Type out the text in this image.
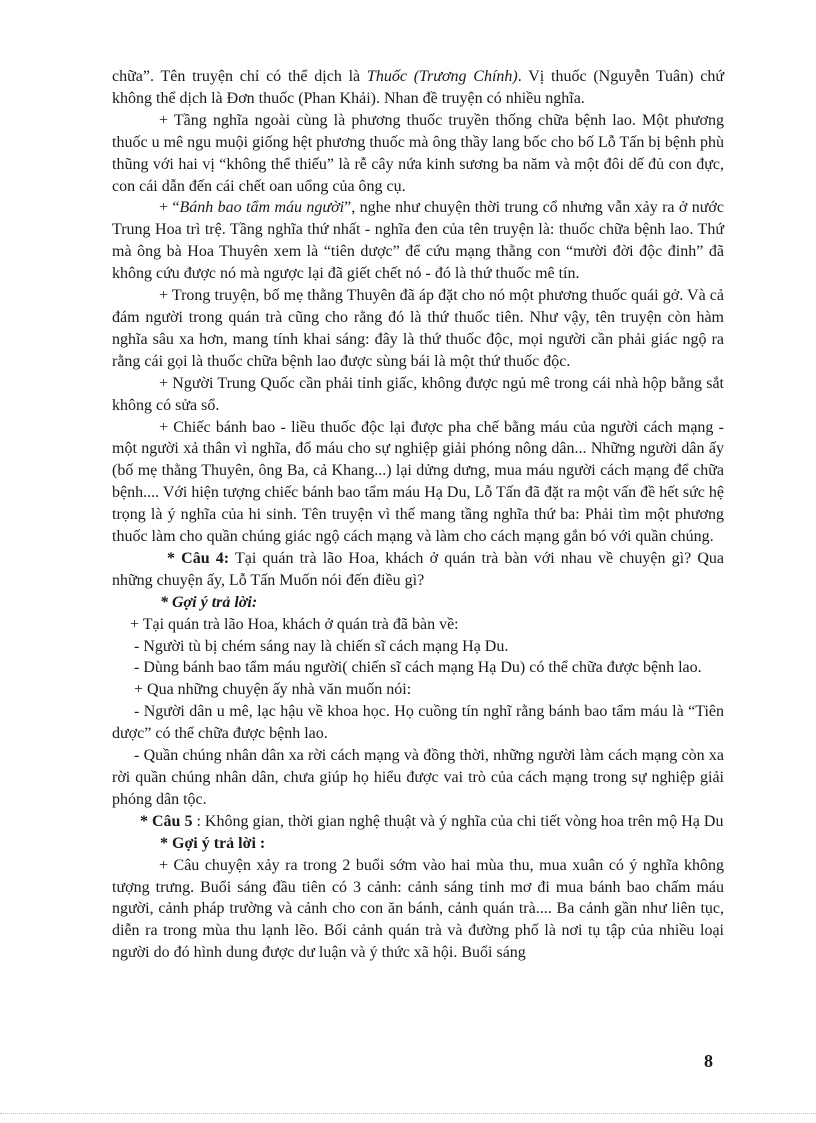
chữa”. Tên truyện chỉ có thể dịch là Thuốc (Trương Chính). Vị thuốc (Nguyễn Tuân) chứ không thể dịch là Đơn thuốc (Phan Khải). Nhan đề truyện có nhiều nghĩa.

+ Tầng nghĩa ngoài cùng là phương thuốc truyền thống chữa bệnh lao. Một phương thuốc u mê ngu muội giống hệt phương thuốc mà ông thầy lang bốc cho bố Lỗ Tấn bị bệnh phù thũng với hai vị “không thể thiếu” là rễ cây nứa kinh sương ba năm và một đôi dế đủ con đực, con cái dẫn đến cái chết oan uổng của ông cụ.

+ “Bánh bao tẩm máu người”, nghe như chuyện thời trung cổ nhưng vẫn xảy ra ở nước Trung Hoa trì trệ. Tầng nghĩa thứ nhất - nghĩa đen của tên truyện là: thuốc chữa bệnh lao. Thứ mà ông bà Hoa Thuyên xem là “tiên dược” để cứu mạng thằng con “mười đời độc đinh” đã không cứu được nó mà ngược lại đã giết chết nó - đó là thứ thuốc mê tín.

+ Trong truyện, bố mẹ thằng Thuyên đã áp đặt cho nó một phương thuốc quái gở. Và cả đám người trong quán trà cũng cho rằng đó là thứ thuốc tiên. Như vậy, tên truyện còn hàm nghĩa sâu xa hơn, mang tính khai sáng: đây là thứ thuốc độc, mọi người cần phải giác ngộ ra rằng cái gọi là thuốc chữa bệnh lao được sùng bái là một thứ thuốc độc.

+ Người Trung Quốc cần phải tỉnh giấc, không được ngủ mê trong cái nhà hộp bằng sắt không có sửa sổ.

+ Chiếc bánh bao - liều thuốc độc lại được pha chế bằng máu của người cách mạng - một người xả thân vì nghĩa, đổ máu cho sự nghiệp giải phóng nông dân... Những người dân ấy (bố mẹ thằng Thuyên, ông Ba, cả Khang...) lại dửng dưng, mua máu người cách mạng để chữa bệnh.... Với hiện tượng chiếc bánh bao tẩm máu Hạ Du, Lỗ Tấn đã đặt ra một vấn đề hết sức hệ trọng là ý nghĩa của hi sinh. Tên truyện vì thế mang tầng nghĩa thứ ba: Phải tìm một phương thuốc làm cho quần chúng giác ngộ cách mạng và làm cho cách mạng gắn bó với quần chúng.

* Câu 4: Tại quán trà lão Hoa, khách ở quán trà bàn với nhau về chuyện gì? Qua những chuyện ấy, Lỗ Tấn Muốn nói đến điều gì?

* Gợi ý trả lời:

+ Tại quán trà lão Hoa, khách ở quán trà đã bàn về:

- Người tù bị chém sáng nay là chiến sĩ cách mạng Hạ Du.

- Dùng bánh bao tẩm máu người( chiến sĩ cách mạng Hạ Du) có thể chữa được bệnh lao.

+ Qua những chuyện ấy nhà văn muốn nói:

- Người dân u mê, lạc hậu về khoa học. Họ cuồng tín nghĩ rằng bánh bao tẩm máu là “Tiên dược” có thể chữa được bệnh lao.

- Quần chúng nhân dân xa rời cách mạng và đồng thời, những người làm cách mạng còn xa rời quần chúng nhân dân, chưa giúp họ hiểu được vai trò của cách mạng trong sự nghiệp giải phóng dân tộc.

* Câu 5 : Không gian, thời gian nghệ thuật và ý nghĩa của chi tiết vòng hoa trên mộ Hạ Du

* Gợi ý trả lời :

+ Câu chuyện xảy ra trong 2 buổi sớm vào hai mùa thu, mua xuân có ý nghĩa không tượng trưng. Buổi sáng đầu tiên có 3 cảnh: cảnh sáng tinh mơ đi mua bánh bao chấm máu người, cảnh pháp trường và cảnh cho con ăn bánh, cảnh quán trà.... Ba cảnh gần như liên tục, diễn ra trong mùa thu lạnh lẽo. Bối cảnh quán trà và đường phố là nơi tụ tập của nhiều loại người do đó hình dung được dư luận và ý thức xã hội. Buổi sáng

8
